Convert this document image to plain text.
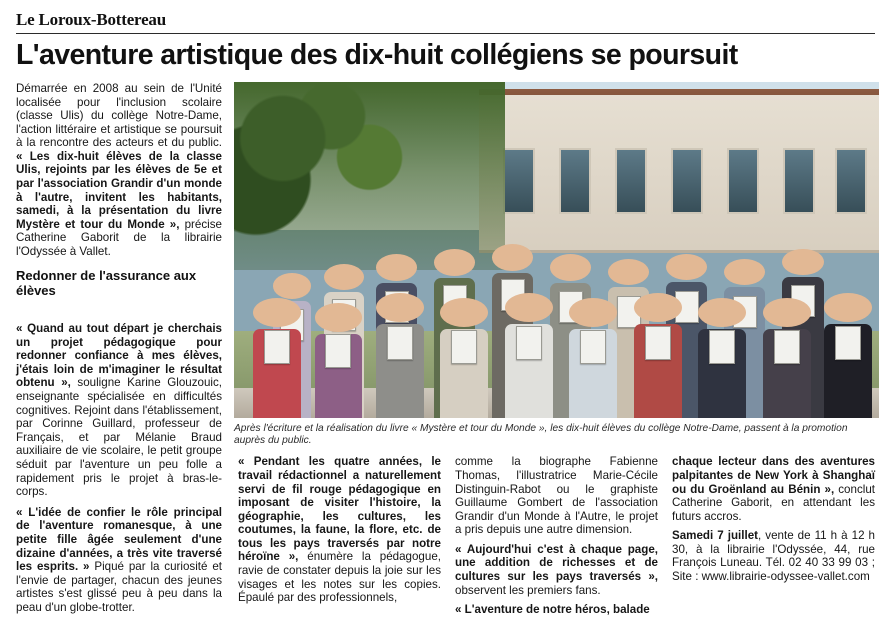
Le Loroux-Bottereau
L'aventure artistique des dix-huit collégiens se poursuit

Démarrée en 2008 au sein de l'Unité localisée pour l'inclusion scolaire (classe Ulis) du collège Notre-Dame, l'action littéraire et artistique se poursuit à la rencontre des acteurs et du public. « Les dix-huit élèves de la classe Ulis, rejoints par les élèves de 5e et par l'association Grandir d'un monde à l'autre, invitent les habitants, samedi, à la présentation du livre Mystère et tour du Monde », précise Catherine Gaborit de la librairie l'Odyssée à Vallet.

Redonner de l'assurance aux élèves
Après l'écriture et la réalisation du livre « Mystère et tour du Monde », les dix-huit élèves du collège Notre-Dame, passent à la promotion auprès du public.

« Quand au tout départ je cherchais un projet pédagogique pour redonner confiance à mes élèves, j'étais loin de m'imaginer le résultat obtenu », souligne Karine Glouzouic, enseignante spécialisée en difficultés cognitives. Rejoint dans l'établissement, par Corinne Guillard, professeur de Français, et par Mélanie Braud auxiliaire de vie scolaire, le petit groupe séduit par l'aventure un peu folle a rapidement pris le projet à bras-le-corps.

« L'idée de confier le rôle principal de l'aventure romanesque, à une petite fille âgée seulement d'une dizaine d'années, a très vite traversé les esprits. » Piqué par la curiosité et l'envie de partager, chacun des jeunes artistes s'est glissé peu à peu dans la peau d'un globe-trotter.

« Pendant les quatre années, le travail rédactionnel a naturellement servi de fil rouge pédagogique en imposant de visiter l'histoire, la géographie, les cultures, les coutumes, la faune, la flore, etc. de tous les pays traversés par notre héroïne », énumère la pédagogue, ravie de constater depuis la joie sur les visages et les notes sur les copies. Épaulé par des professionnels,

comme la biographe Fabienne Thomas, l'illustratrice Marie-Cécile Distinguin-Rabot ou le graphiste Guillaume Gombert de l'association Grandir d'un Monde à l'Autre, le projet a pris depuis une autre dimension.

« Aujourd'hui c'est à chaque page, une addition de richesses et de cultures sur les pays traversés », observent les premiers fans.

« L'aventure de notre héros, balade

chaque lecteur dans des aventures palpitantes de New York à Shanghaï ou du Groënland au Bénin », conclut Catherine Gaborit, en attendant les futurs accros.

Samedi 7 juillet, vente de 11 h à 12 h 30, à la librairie l'Odyssée, 44, rue François Luneau. Tél. 02 40 33 99 03 ; Site : www.librairie-odyssee-vallet.com
